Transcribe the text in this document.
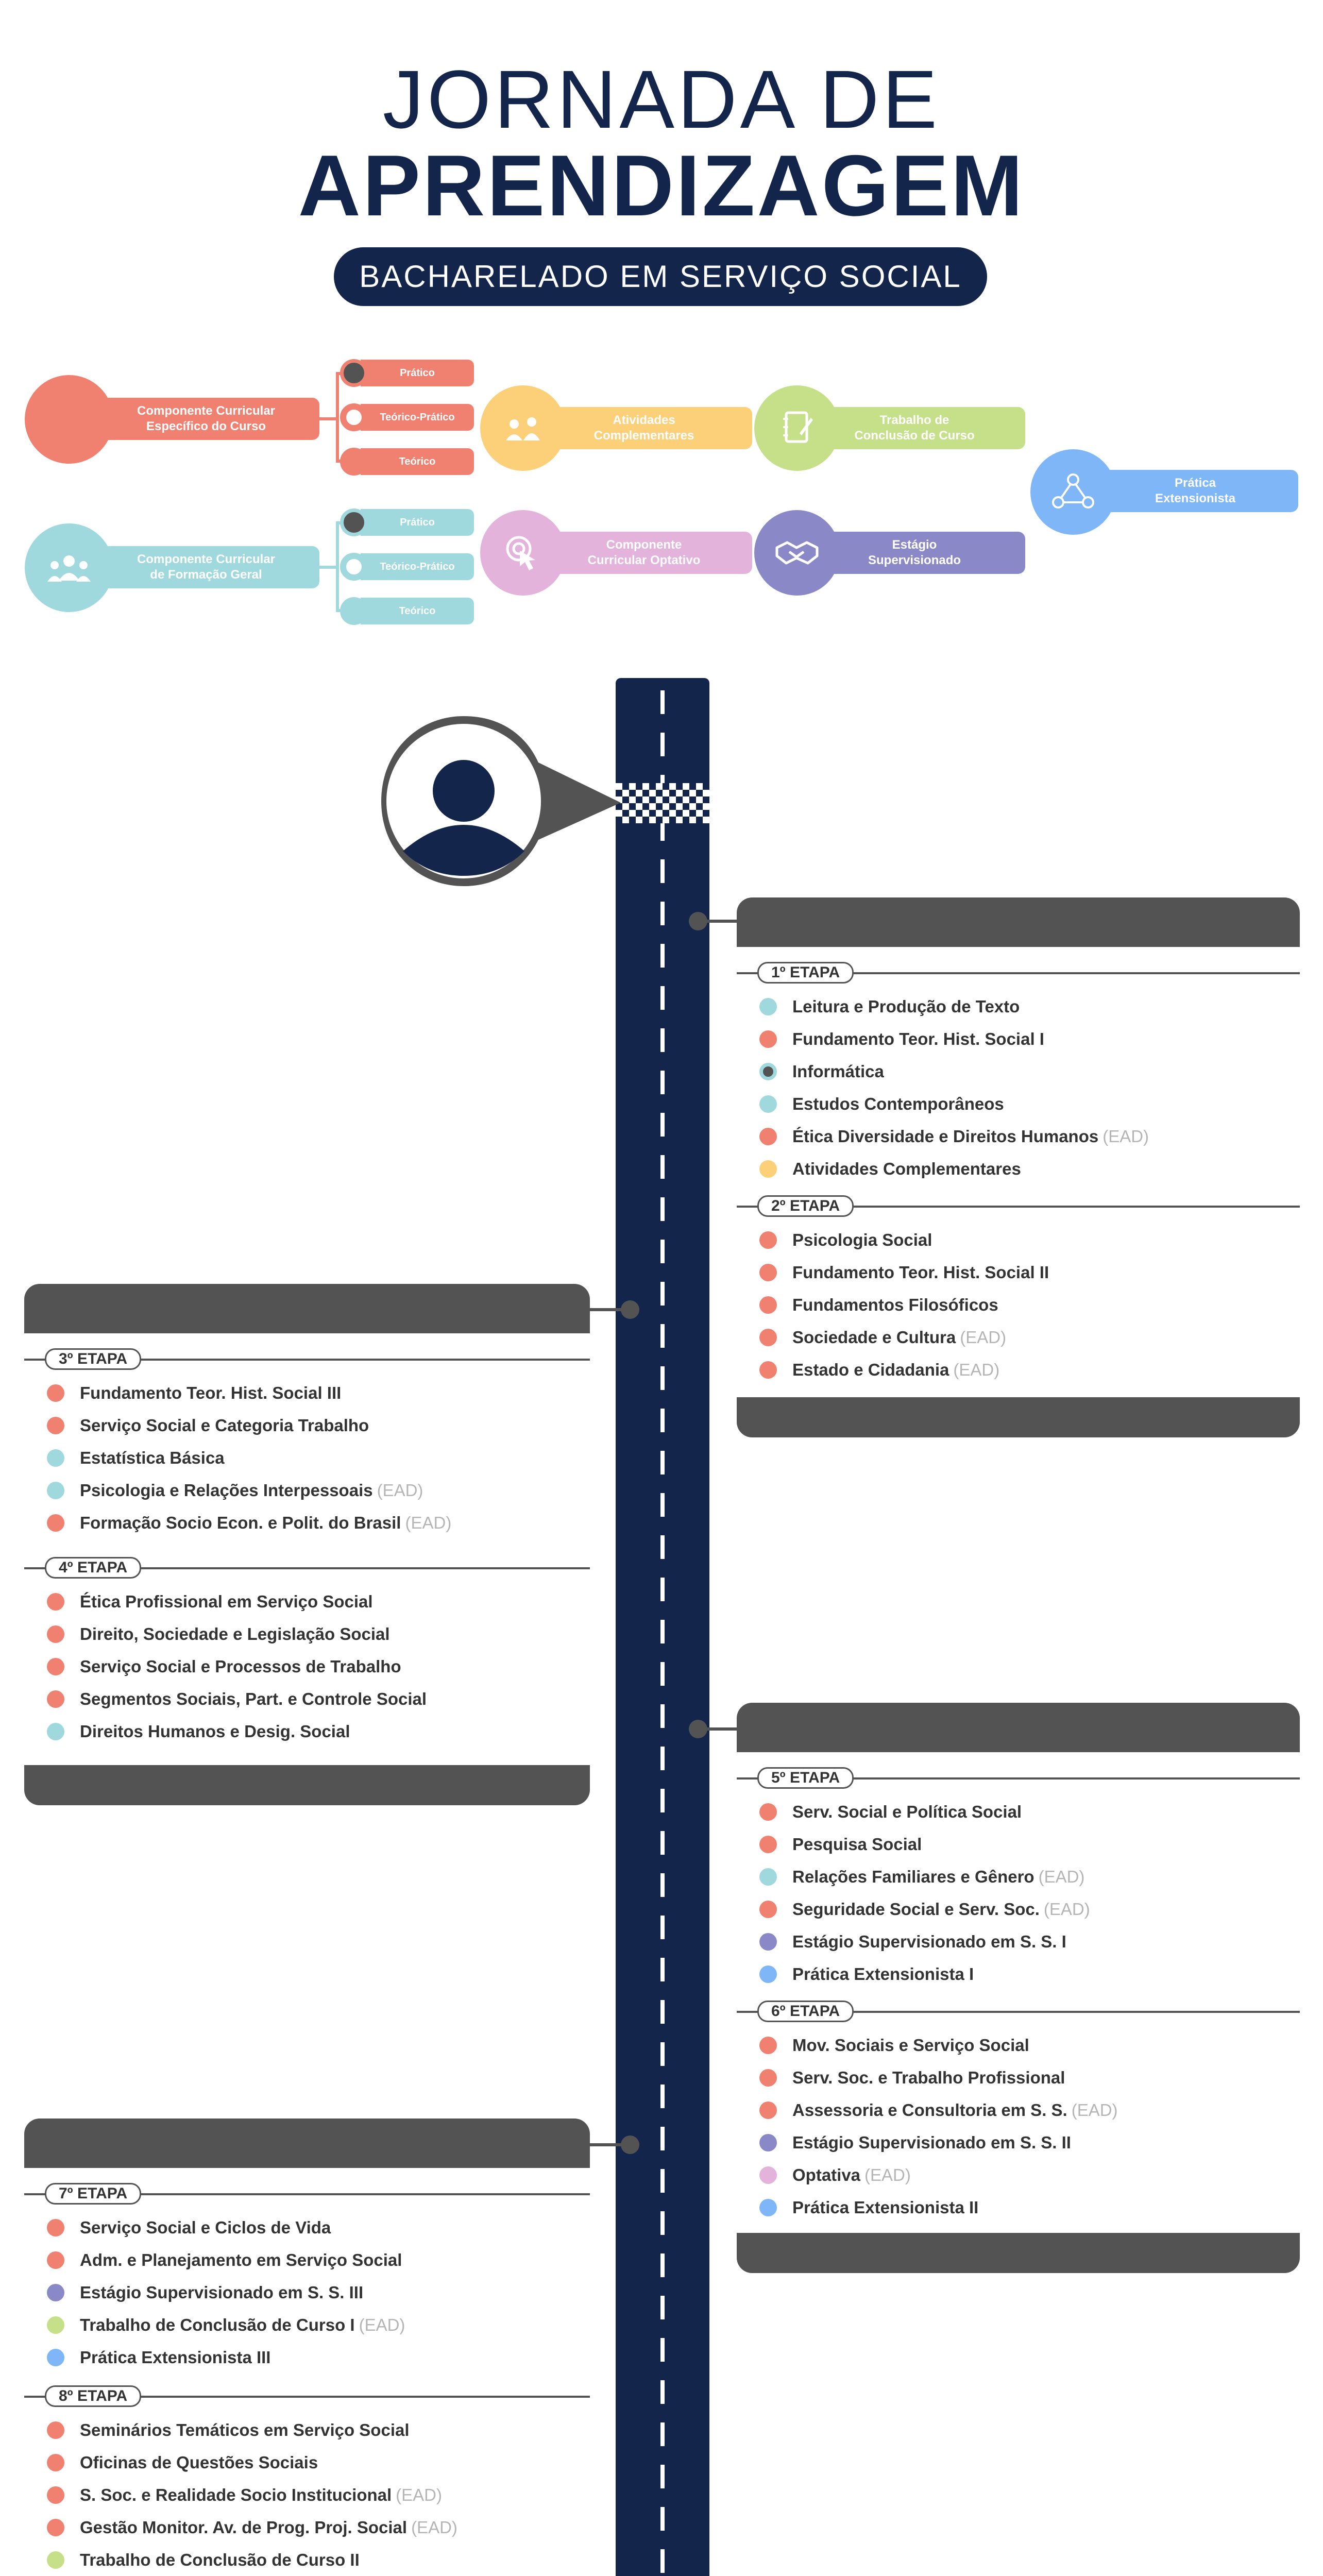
JORNADA DE
APRENDIZAGEM
BACHARELADO EM SERVIÇO SOCIAL
Componente Curricular Específico do Curso
Prático
Teórico-Prático
Teórico
Componente Curricular de Formação Geral
Prático
Teórico-Prático
Teórico
Atividades Complementares
Componente Curricular Optativo
Trabalho de Conclusão de Curso
Estágio Supervisionado
Prática Extensionista
1º ETAPA
Leitura e Produção de Texto
Fundamento Teor. Hist. Social I
Informática
Estudos Contemporâneos
Ética Diversidade e Direitos Humanos (EAD)
Atividades Complementares
2º ETAPA
Psicologia Social
Fundamento Teor. Hist. Social II
Fundamentos Filosóficos
Sociedade e Cultura (EAD)
Estado e Cidadania (EAD)
3º ETAPA
Fundamento Teor. Hist. Social III
Serviço Social e Categoria Trabalho
Estatística Básica
Psicologia e Relações Interpessoais (EAD)
Formação Socio Econ. e Polit. do Brasil (EAD)
4º ETAPA
Ética Profissional em Serviço Social
Direito, Sociedade e Legislação Social
Serviço Social e Processos de Trabalho
Segmentos Sociais, Part. e Controle Social
Direitos Humanos e Desig. Social
5º ETAPA
Serv. Social e Política Social
Pesquisa Social
Relações Familiares e Gênero (EAD)
Seguridade Social e Serv. Soc. (EAD)
Estágio Supervisionado em S. S. I
Prática Extensionista I
6º ETAPA
Mov. Sociais e Serviço Social
Serv. Soc. e Trabalho Profissional
Assessoria e Consultoria em S. S. (EAD)
Estágio Supervisionado em S. S. II
Optativa (EAD)
Prática Extensionista II
7º ETAPA
Serviço Social e Ciclos de Vida
Adm. e Planejamento em Serviço Social
Estágio Supervisionado em S. S. III
Trabalho de Conclusão de Curso I (EAD)
Prática Extensionista III
8º ETAPA
Seminários Temáticos em Serviço Social
Oficinas de Questões Sociais
S. Soc. e Realidade Socio Institucional (EAD)
Gestão Monitor. Av. de Prog. Proj. Social (EAD)
Trabalho de Conclusão de Curso II
